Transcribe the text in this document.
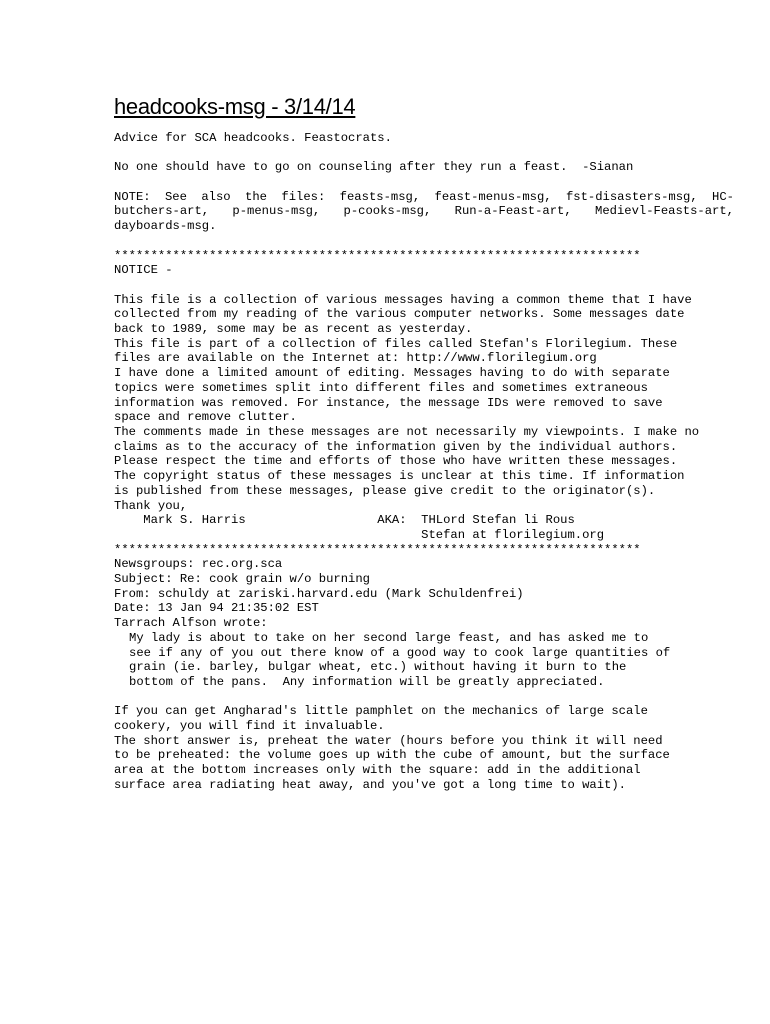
headcooks-msg - 3/14/14
Advice for SCA headcooks. Feastocrats.
No one should have to go on counseling after they run a feast.  -Sianan
NOTE: See also the files: feasts-msg, feast-menus-msg, fst-disasters-msg, HC-butchers-art, p-menus-msg, p-cooks-msg, Run-a-Feast-art, Medievl-Feasts-art, dayboards-msg.
************************************************************************
NOTICE -
This file is a collection of various messages having a common theme that I have
collected from my reading of the various computer networks. Some messages date
back to 1989, some may be as recent as yesterday.
This file is part of a collection of files called Stefan's Florilegium. These
files are available on the Internet at: http://www.florilegium.org
I have done a limited amount of editing. Messages having to do with separate
topics were sometimes split into different files and sometimes extraneous
information was removed. For instance, the message IDs were removed to save
space and remove clutter.
The comments made in these messages are not necessarily my viewpoints. I make no
claims as to the accuracy of the information given by the individual authors.
Please respect the time and efforts of those who have written these messages.
The copyright status of these messages is unclear at this time. If information
is published from these messages, please give credit to the originator(s).
Thank you,
Mark S. Harris                  AKA:  THLord Stefan li Rous
Stefan at florilegium.org
************************************************************************
Newsgroups: rec.org.sca
Subject: Re: cook grain w/o burning
From: schuldy at zariski.harvard.edu (Mark Schuldenfrei)
Date: 13 Jan 94 21:35:02 EST
Tarrach Alfson wrote:
My lady is about to take on her second large feast, and has asked me to
see if any of you out there know of a good way to cook large quantities of
grain (ie. barley, bulgar wheat, etc.) without having it burn to the
bottom of the pans.  Any information will be greatly appreciated.
If you can get Angharad's little pamphlet on the mechanics of large scale
cookery, you will find it invaluable.
The short answer is, preheat the water (hours before you think it will need
to be preheated: the volume goes up with the cube of amount, but the surface
area at the bottom increases only with the square: add in the additional
surface area radiating heat away, and you've got a long time to wait).
